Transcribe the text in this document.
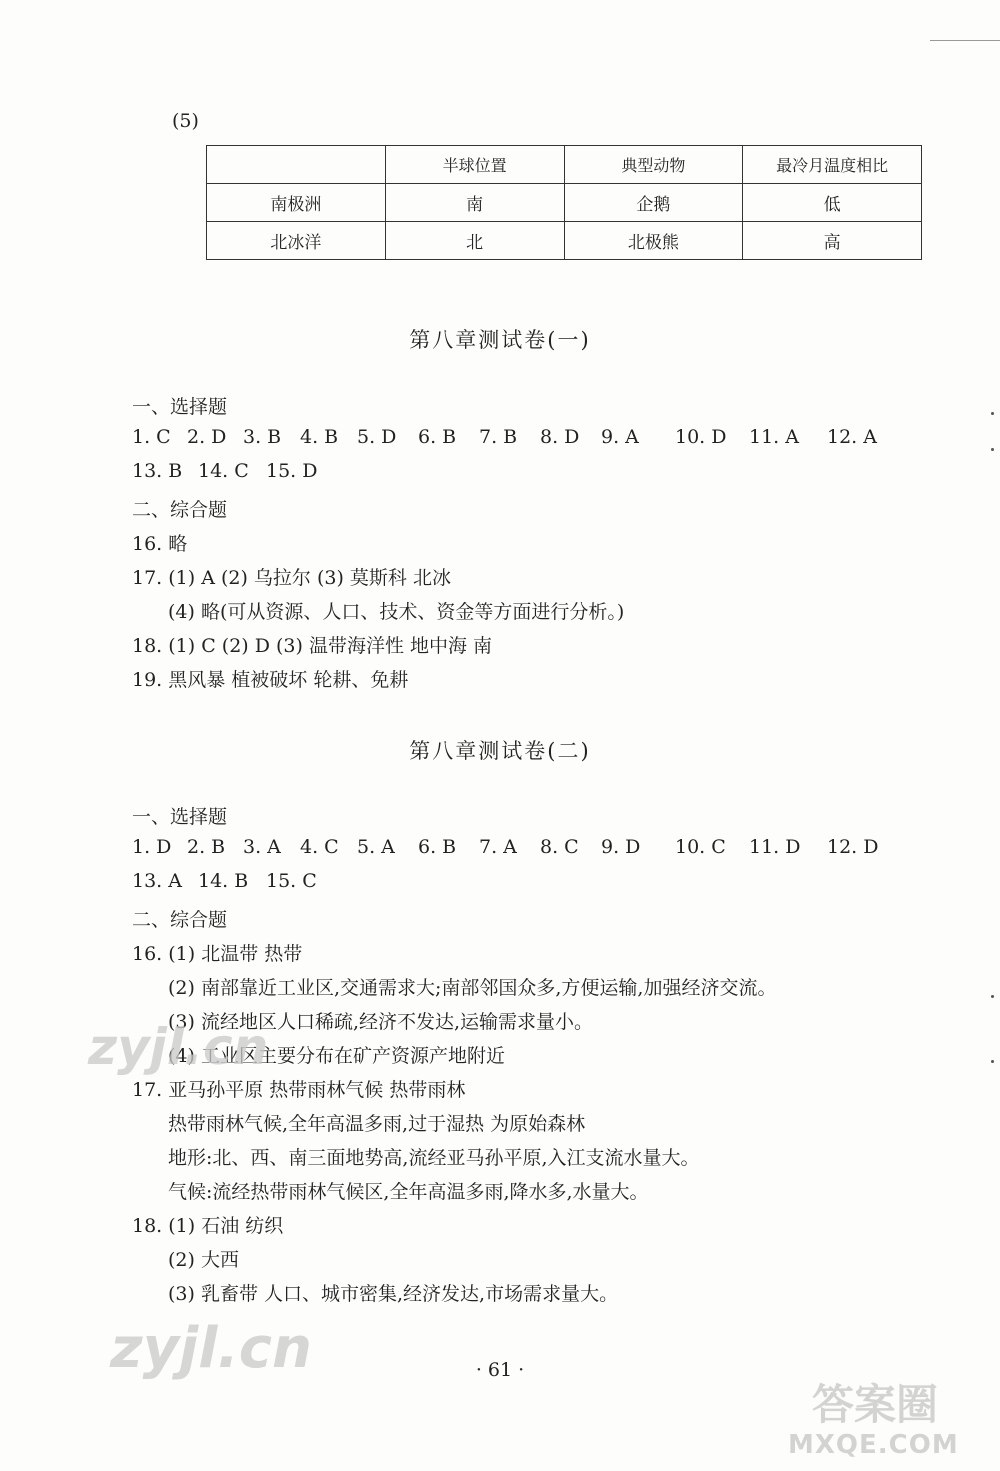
(5)
	半球位置	典型动物	最冷月温度相比
南极洲	南	企鹅	低
北冰洋	北	北极熊	高
第八章测试卷(一)
一、选择题
1. C 2. D 3. B 4. B 5. D 6. B 7. B 8. D 9. A 10. D 11. A 12. A
13. B 14. C 15. D
二、综合题
16. 略
17. (1) A (2) 乌拉尔 (3) 莫斯科 北冰
(4) 略(可从资源、人口、技术、资金等方面进行分析。)
18. (1) C (2) D (3) 温带海洋性 地中海 南
19. 黑风暴 植被破坏 轮耕、免耕
第八章测试卷(二)
一、选择题
1. D 2. B 3. A 4. C 5. A 6. B 7. A 8. C 9. D 10. C 11. D 12. D
13. A 14. B 15. C
二、综合题
16. (1) 北温带 热带
(2) 南部靠近工业区,交通需求大;南部邻国众多,方便运输,加强经济交流。
(3) 流经地区人口稀疏,经济不发达,运输需求量小。
(4) 工业区主要分布在矿产资源产地附近
17. 亚马孙平原 热带雨林气候 热带雨林
热带雨林气候,全年高温多雨,过于湿热 为原始森林
地形:北、西、南三面地势高,流经亚马孙平原,入江支流水量大。
气候:流经热带雨林气候区,全年高温多雨,降水多,水量大。
18. (1) 石油 纺织
(2) 大西
(3) 乳畜带 人口、城市密集,经济发达,市场需求量大。
· 61 ·
zyjl.cn
zyjl.cn
答案圈
MXQE.COM
